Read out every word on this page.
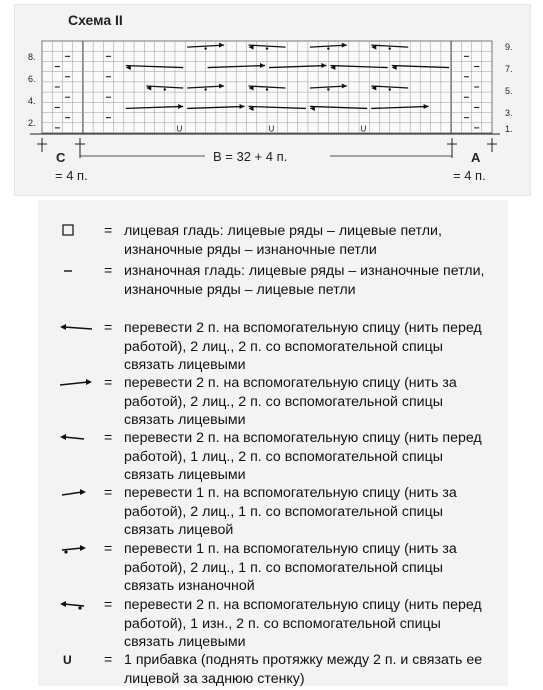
Схема II
U	U	U
8.
6.
4.
2.
9.
7.
5.
3.
1.
C	B = 32 + 4 п.	A
= 4 п.	= 4 п.
= лицевая гладь: лицевые ряды – лицевые петли, изнаночные ряды – изнаночные петли
= изнаночная гладь: лицевые ряды – изнаночные петли, изнаночные ряды – лицевые петли
= перевести 2 п. на вспомогательную спицу (нить перед работой), 2 лиц., 2 п. со вспомогательной спицы связать лицевыми
= перевести 2 п. на вспомогательную спицу (нить за работой), 2 лиц., 2 п. со вспомогательной спицы связать лицевыми
= перевести 2 п. на вспомогательную спицу (нить перед работой), 1 лиц., 2 п. со вспомогательной спицы связать лицевыми
= перевести 1 п. на вспомогательную спицу (нить за работой), 2 лиц., 1 п. со вспомогательной спицы связать лицевой
= перевести 1 п. на вспомогательную спицу (нить за работой), 2 лиц., 1 п. со вспомогательной спицы связать изнаночной
= перевести 2 п. на вспомогательную спицу (нить перед работой), 1 изн., 2 п. со вспомогательной спицы связать лицевыми
U = 1 прибавка (поднять протяжку между 2 п. и связать ее лицевой за заднюю стенку)
